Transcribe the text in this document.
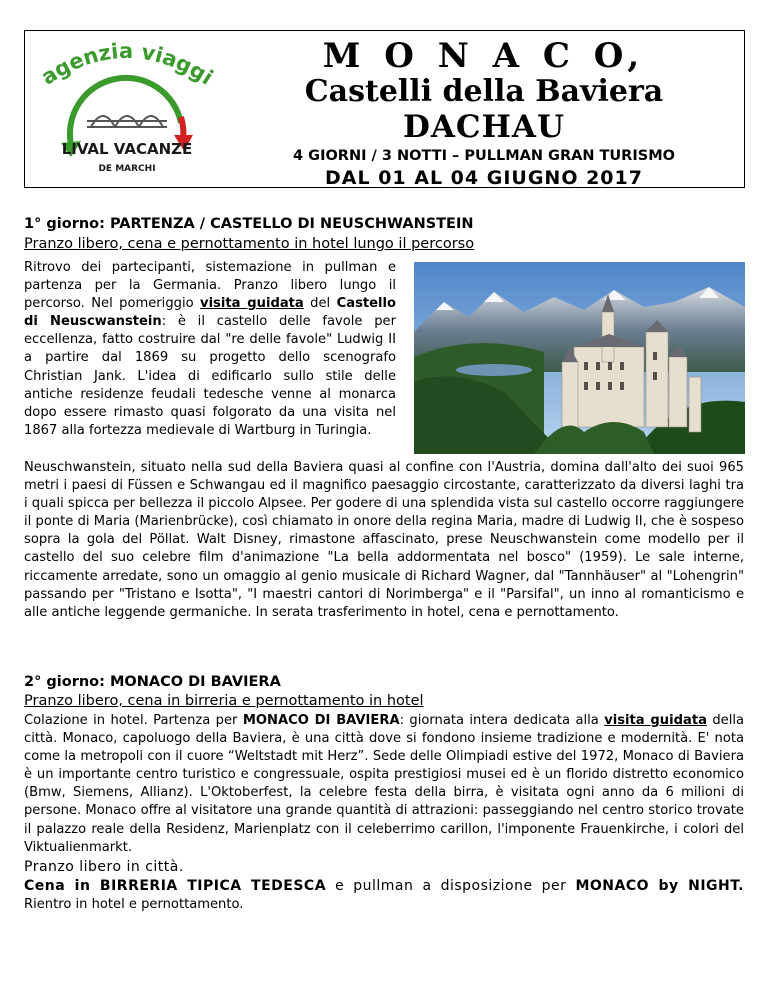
agenzia viaggi
LIVAL VACANZE
DE MARCHI
M O N A C O,
Castelli della Baviera
DACHAU
4 GIORNI / 3 NOTTI – PULLMAN GRAN TURISMO
DAL 01 AL 04 GIUGNO 2017
1° giorno: PARTENZA / CASTELLO DI NEUSCHWANSTEIN
Pranzo libero, cena e pernottamento in hotel lungo il percorso

Ritrovo dei partecipanti, sistemazione in pullman e partenza per la Germania. Pranzo libero lungo il percorso. Nel pomeriggio visita guidata del Castello di Neuscwanstein: è il castello delle favole per eccellenza, fatto costruire dal "re delle favole" Ludwig II a partire dal 1869 su progetto dello scenografo Christian Jank. L'idea di edificarlo sullo stile delle antiche residenze feudali tedesche venne al monarca dopo essere rimasto quasi folgorato da una visita nel 1867 alla fortezza medievale di Wartburg in Turingia.

Neuschwanstein, situato nella sud della Baviera quasi al confine con l'Austria, domina dall'alto dei suoi 965 metri i paesi di Füssen e Schwangau ed il magnifico paesaggio circostante, caratterizzato da diversi laghi tra i quali spicca per bellezza il piccolo Alpsee. Per godere di una splendida vista sul castello occorre raggiungere il ponte di Maria (Marienbrücke), così chiamato in onore della regina Maria, madre di Ludwig II, che è sospeso sopra la gola del Pöllat. Walt Disney, rimastone affascinato, prese Neuschwanstein come modello per il castello del suo celebre film d'animazione "La bella addormentata nel bosco" (1959). Le sale interne, riccamente arredate, sono un omaggio al genio musicale di Richard Wagner, dal "Tannhäuser" al "Lohengrin" passando per "Tristano e Isotta", "I maestri cantori di Norimberga" e il "Parsifal", un inno al romanticismo e alle antiche leggende germaniche. In serata trasferimento in hotel, cena e pernottamento.

2° giorno: MONACO DI BAVIERA
Pranzo libero, cena in birreria e pernottamento in hotel

Colazione in hotel. Partenza per MONACO DI BAVIERA: giornata intera dedicata alla visita guidata della città. Monaco, capoluogo della Baviera, è una città dove si fondono insieme tradizione e modernità. E' nota come la metropoli con il cuore “Weltstadt mit Herz”. Sede delle Olimpiadi estive del 1972, Monaco di Baviera è un importante centro turistico e congressuale, ospita prestigiosi musei ed è un florido distretto economico (Bmw, Siemens, Allianz). L'Oktoberfest, la celebre festa della birra, è visitata ogni anno da 6 milioni di persone. Monaco offre al visitatore una grande quantità di attrazioni: passeggiando nel centro storico trovate il palazzo reale della Residenz, Marienplatz con il celeberrimo carillon, l'imponente Frauenkirche, i colori del Viktualienmarkt.

Pranzo libero in città.

Cena in BIRRERIA TIPICA TEDESCA e pullman a disposizione per MONACO by NIGHT. Rientro in hotel e pernottamento.
